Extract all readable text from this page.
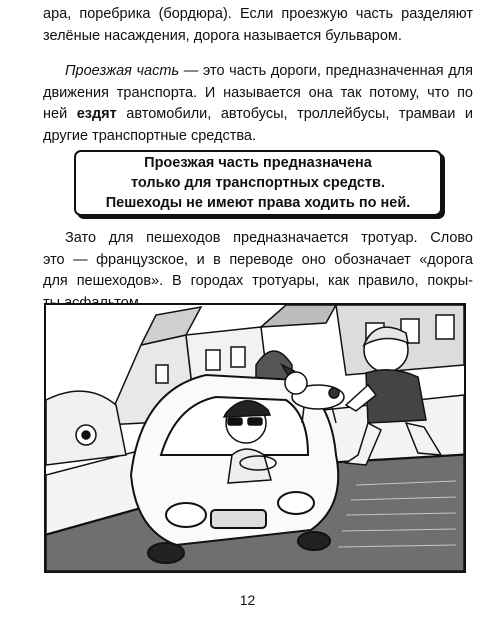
ара, поребрика (бордюра). Если проезжую часть разделяют
зелёные насаждения, дорога называется бульваром.

Проезжая часть — это часть дороги, предназначенная для
движения транспорта. И называется она так потому, что по
ней ездят автомобили, автобусы, троллейбусы, трамваи и
другие транспортные средства.

Проезжая часть предназначена
только для транспортных средств.
Пешеходы не имеют права ходить по ней.

Зато для пешеходов предназначается тротуар. Слово
это — французское, и в переводе оно обозначает «дорога
для пешеходов». В городах тротуары, как правило, покры-

12
